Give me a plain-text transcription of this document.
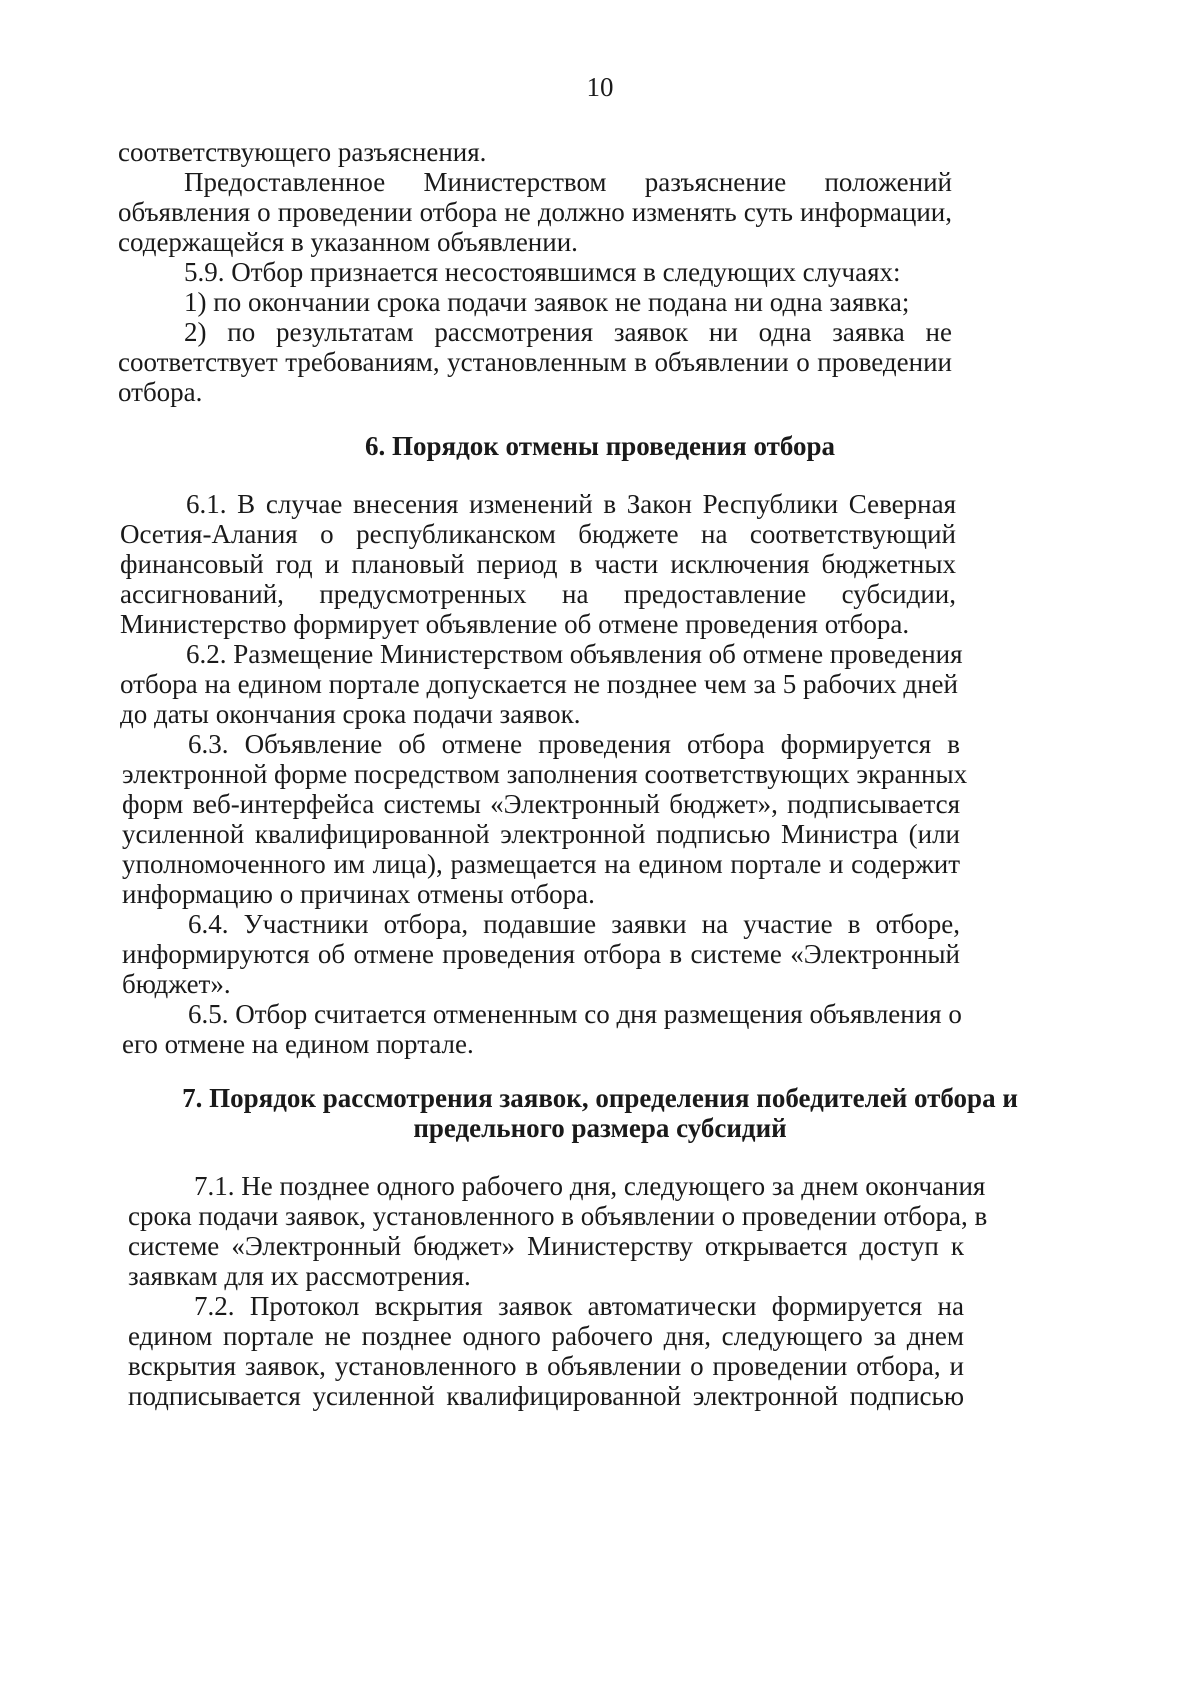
10
соответствующего разъяснения.
Предоставленное Министерством разъяснение положений
объявления о проведении отбора не должно изменять суть информации,
содержащейся в указанном объявлении.
5.9. Отбор признается несостоявшимся в следующих случаях:
1) по окончании срока подачи заявок не подана ни одна заявка;
2) по результатам рассмотрения заявок ни одна заявка не
соответствует требованиям, установленным в объявлении о проведении
отбора.
6. Порядок отмены проведения отбора
6.1. В случае внесения изменений в Закон Республики Северная
Осетия-Алания о республиканском бюджете на соответствующий
финансовый год и плановый период в части исключения бюджетных
ассигнований, предусмотренных на предоставление субсидии,
Министерство формирует объявление об отмене проведения отбора.
6.2. Размещение Министерством объявления об отмене проведения
отбора на едином портале допускается не позднее чем за 5 рабочих дней
до даты окончания срока подачи заявок.
6.3. Объявление об отмене проведения отбора формируется в
электронной форме посредством заполнения соответствующих экранных
форм веб-интерфейса системы «Электронный бюджет», подписывается
усиленной квалифицированной электронной подписью Министра (или
уполномоченного им лица), размещается на едином портале и содержит
информацию о причинах отмены отбора.
6.4. Участники отбора, подавшие заявки на участие в отборе,
информируются об отмене проведения отбора в системе «Электронный
бюджет».
6.5. Отбор считается отмененным со дня размещения объявления о
его отмене на едином портале.
7. Порядок рассмотрения заявок, определения победителей отбора и
предельного размера субсидий
7.1. Не позднее одного рабочего дня, следующего за днем окончания
срока подачи заявок, установленного в объявлении о проведении отбора, в
системе «Электронный бюджет» Министерству открывается доступ к
заявкам для их рассмотрения.
7.2. Протокол вскрытия заявок автоматически формируется на
едином портале не позднее одного рабочего дня, следующего за днем
вскрытия заявок, установленного в объявлении о проведении отбора, и
подписывается усиленной квалифицированной электронной подписью
